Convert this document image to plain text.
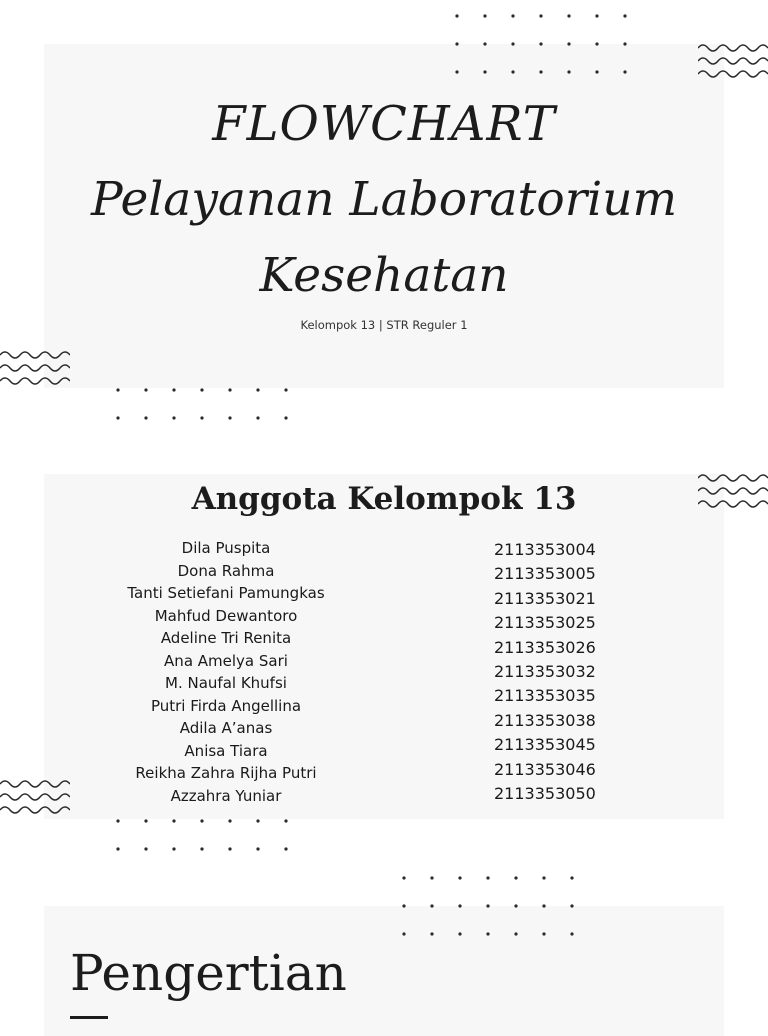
FLOWCHART
Pelayanan Laboratorium
Kesehatan
Kelompok 13 | STR Reguler 1
Anggota Kelompok 13
Dila Puspita
Dona Rahma
Tanti Setiefani Pamungkas
Mahfud Dewantoro
Adeline Tri Renita
Ana Amelya Sari
M. Naufal Khufsi
Putri Firda Angellina
Adila A’anas
Anisa Tiara
Reikha Zahra Rijha Putri
Azzahra Yuniar
2113353004
2113353005
2113353021
2113353025
2113353026
2113353032
2113353035
2113353038
2113353045
2113353046
2113353050
Pengertian
